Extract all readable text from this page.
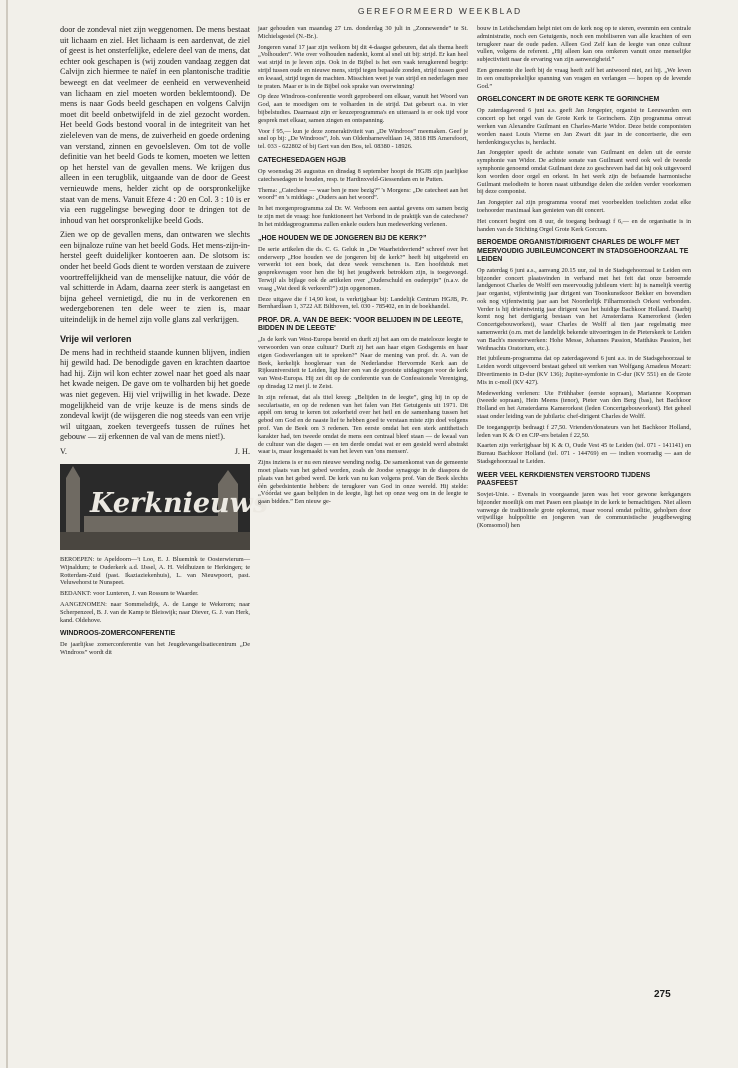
GEREFORMEERD WEEKBLAD

door de zondeval niet zijn weggenomen. De mens bestaat uit lichaam en ziel. Het lichaam is een aardenvat, de ziel of geest is het onsterfelijke, edelere deel van de mens, dat echter ook geschapen is (wij zouden vandaag zeggen dat Calvijn zich hiermee te naïef in een plantonische traditie beweegt en dat veelmeer de eenheid en verwevenheid van lichaam en ziel moeten worden beklemtoond). De mens is naar Gods beeld geschapen en volgens Calvijn moet dit beeld onbetwijfeld in de ziel gezocht worden. Het beeld Gods bestond vooral in de integriteit van het zieleleven van de mens, de zuiverheid en goede ordening van verstand, zinnen en gevoelsleven. Om tot de volle definitie van het beeld Gods te komen, moeten we letten op het herstel van de gevallen mens. We krijgen dus alleen in een terugblik, uitgaande van de door de Geest vernieuwde mens, helder zicht op de oorspronkelijke staat van de mens. Vanuit Efeze 4 : 20 en Col. 3 : 10 is er via een ruggelingse beweging door te dringen tot de inhoud van het oorspronkelijke beeld Gods.

Zien we op de gevallen mens, dan ontwaren we slechts een bijnaloze ruïne van het beeld Gods. Het mens-zijn-in-herstel geeft duidelijker kontoeren aan. De slotsom is: onder het beeld Gods dient te worden verstaan de zuivere voortreffelijkheid van de menselijke natuur, die vóór de val schitterde in Adam, daarna zeer sterk is aangetast en bijna geheel vernietigd, die nu in de verkorenen en wedergeborenen ten dele weer te zien is, maar uiteindelijk in de hemel zijn volle glans zal verkrijgen.

Vrije wil verloren

De mens had in rechtheid staande kunnen blijven, indien hij gewild had. De benodigde gaven en krachten daartoe had hij. Zijn wil kon echter zowel naar het goed als naar het kwade neigen. De gave om te volharden bij het goede was niet gegeven. Hij viel vrijwillig in het kwade. Deze mogelijkheid van de vrije keuze is de mens sinds de zondeval kwijt (de wijsgeren die nog steeds van een vrije wil uitgaan, zoeken tevergeefs tussen de ruïnes het gebouw — zij erkennen de val van de mens niet!).

V.	J. H.
Kerknieuws

BEROEPEN: te Apeldoorn—'t Loo, E. J. Bluemink te Oosterwierum—Wijnaldum; te Ouderkerk a.d. IJssel, A. H. Veldhuizen te Herkingen; te Rotterdam-Zuid (past. Ikaziaziekenhuis), L. van Nieuwpoort, past. Veluwehorst te Nunspeet.

BEDANKT: voor Lunteren, J. van Rossum te Waarder.

AANGENOMEN: naar Sommelsdijk, A. de Lange te Wekerom; naar Scherpenzeel, B. J. van de Kamp te Bleiswijk; naar Diever, G. J. van Herk, kand. Oldehove.

WINDROOS-ZOMERCONFERENTIE

De jaarlijkse zomerconferentie van het Jeugdevangelisatiecentrum „De Windroos” wordt dit

jaar gehouden van maandag 27 t.m. donderdag 30 juli in „Zonnewende” te St. Michielsgestel (N.-Br.).

Jongeren vanaf 17 jaar zijn welkom bij dit 4-daagse gebeuren, dat als thema heeft „Volhouden”. Wie over volhouden nadenkt, komt al snel uit bij: strijd. Er kan heel wat strijd in je leven zijn. Ook in de Bijbel is het een vaak terugkerend begrip: strijd tussen oude en nieuwe mens, strijd tegen bepaalde zonden, strijd tussen goed en kwaad, strijd tegen de machten. Misschien weet je van strijd en nederlagen mee te praten. Maar er is in de Bijbel ook sprake van overwinning!

Op deze Windroos-conferentie wordt geprobeerd om elkaar, vanuit het Woord van God, aan te moedigen om te volharden in de strijd. Dat gebeurt o.a. in vier bijbelstudies. Daarnaast zijn er keuzeprogramma's en uiteraard is er ook tijd voor gesprek met elkaar, samen zingen en ontspanning.

Voor f 95,— kun je deze zomeraktiviteit van „De Windroos” meemaken. Geef je snel op bij: „De Windroos”, Joh. van Oldenbarneveltlaan 14, 3818 HB Amersfoort, tel. 033 - 622802 of bij Gert van den Bos, tel. 08380 - 18926.

CATECHESEDAGEN HGJB

Op woensdag 26 augustus en dinsdag 8 september hoopt de HGJB zijn jaarlijkse catechesedagen te houden, resp. te Hardinxveld-Giessendam en te Putten.

Thema: „Catechese — waar ben je mee bezig?” 's Morgens: „De catecheet aan het woord” en 's middags: „Ouders aan het woord”.

In het morgenprogramma zal Dr. W. Verboom een aantal gevens om samen bezig te zijn met de vraag: hoe funktioneert het Verbond in de praktijk van de catechese? In het middagprogramma zullen enkele ouders hun medewerking verlenen.

„HOE HOUDEN WE DE JONGEREN BIJ DE KERK?”

De serie artikelen die ds. C. G. Geluk in „De Waarheidsvriend” schreef over het onderwerp „Hoe houden we de jongeren bij de kerk?” heeft hij uitgebreid en verwerkt tot een boek, dat deze week verschenen is. Een hoofdstuk met gespreksvragen voor hen die bij het jeugdwerk betrokken zijn, is toegevoegd. Terwijl als bijlage ook de artikelen over „Ouderschuld en ouderpijn” (n.a.v. de vraag „Wat deed ik verkeerd?”) zijn opgenomen.

Deze uitgave die f 14,90 kost, is verkrijgbaar bij: Landelijk Centrum HGJB, Pr. Bernhardlaan 1, 3722 AE Bilthoven, tel. 030 - 785402, en in de boekhandel.

PROF. DR. A. VAN DE BEEK: 'VOOR BELIJDEN IN DE LEEGTE, BIDDEN IN DE LEEGTE'

„Is de kerk van West-Europa bereid en durft zij het aan om de matelooze leegte te verwoorden van onze cultuur? Durft zij het aan haar eigen Godsgemis en haar eigen Godsverlangen uit te spreken?” Naar de mening van prof. dr. A. van de Beek, kerkelijk hoogleraar van de Nederlandse Hervormde Kerk aan de Rijksuniversiteit te Leiden, ligt hier een van de grootste uitdagingen voor de kerk van West-Europa. Hij zei dit op de conferentie van de Confessionele Vereniging, op dinsdag 12 mei jl. te Zeist.

In zijn referaat, dat als titel kreeg: „Belijden in de leegte”, ging hij in op de secularisatie, en op de redenen van het falen van Het Getuigenis uit 1971. Dit appèl om terug te keren tot zekerheid over het heil en de samenhang tussen het gebod om God en de naaste lief te hebben goed te verstaan miste zijn doel volgens prof. Van de Beek om 3 redenen. Ten eerste omdat het een sterk antithetisch karakter had, ten tweede omdat de mens een centraal bleef staan — de kwaal van de cultuur van die dagen — en ten derde omdat wat er een gesteld werd abstrakt waar is, maar losgemaakt is van het leven van 'ons mensen'.

Zijns inziens is er nu een nieuwe wending nodig. De samenkomst van de gemeente moet plaats van het gebed worden, zoals de Joodse synagoge in de diaspora de plaats van het gebed werd. De kerk van nu kan volgens prof. Van de Beek slechts één gebedsintentie hebben: de terugkeer van God in onze wereld. Hij stelde: „Vóórdat we gaan belijden in de leegte, ligt het op onze weg om in de leegte te gaan bidden.” Een nieuw ge-

bouw in Leidschendam helpt niet om de kerk nog op te sieren, evenmin een centrale administratie, noch een Getuigenis, noch een mobiliseren van alle krachten of een terugkeer naar de oude paden. Alleen God Zelf kan de leegte van onze cultuur vullen, volgens de referent. „Hij alleen kan ons omkeren vanuit onze menselijke subjectiviteit naar de ervaring van zijn aanwezigheid.”

Een gemeente die leeft bij de vraag heeft zelf het antwoord niet, zei hij. „We leven in een onuitsprekelijke spanning van vragen en verlangen — hopen op de levende God.”

ORGELCONCERT IN DE GROTE KERK TE GORINCHEM

Op zaterdagavond 6 juni a.s. geeft Jan Jongepier, organist te Leeuwarden een concert op het orgel van de Grote Kerk te Gorinchem. Zijn programma omvat werken van Alexandre Guilmant en Charles-Marie Widor. Deze beide componisten worden naast Louis Vierne en Jan Zwart dit jaar in de concertserie, die een herdenkingscyclus is, herdacht.

Jan Jongepier speelt de achtste sonate van Guilmant en delen uit de eerste symphonie van Widor. De achtste sonate van Guilmant werd ook wel de tweede symphonie genoemd omdat Guilmant deze zo geschreven had dat hij ook uitgevoerd kon worden door orgel en orkest. In het werk zijn de befaamde harmonische Guilmant melodieën te horen naast uitbundige delen die zelden verder voorkomen bij deze componist.

Jan Jongepier zal zijn programma vooraf met voorbeelden toelichten zodat elke toehoorder maximaal kan genieten van dit concert.

Het concert begint om 8 uur, de toegang bedraagt f 6,— en de organisatie is in handen van de Stichting Orgel Grote Kerk Gorcum.

BEROEMDE ORGANIST/DIRIGENT CHARLES DE WOLFF MET MEERVOUDIG JUBILEUMCONCERT IN STADSGEHOORZAAL TE LEIDEN

Op zaterdag 6 juni a.s., aanvang 20.15 uur, zal in de Stadsgehoorzaal te Leiden een bijzonder concert plaatsvinden in verband met het feit dat onze beroemde landgenoot Charles de Wolff een meervoudig jubileum viert: hij is namelijk veertig jaar organist, vijfentwintig jaar dirigent van Toonkunstkoor Bekker en bovendien ook nog vijfentwintig jaar aan het Noorderlijk Filharmonisch Orkest verbonden. Verder is hij drieëntwintig jaar dirigent van het huidige Bachkoor Holland. Daarbij komt nog het dertigjarig bestaan van het Amsterdams Kamerorkest (leden Concertgebouworkest), waar Charles de Wolff al tien jaar regelmatig mee samenwerkt (o.m. met de landelijk bekende uitvoeringen in de Pieterskerk te Leiden van Bach's meesterwerken: Hohe Messe, Johannes Passion, Matthäus Passion, het Weihnachts Oratorium, etc.).

Het jubileum-programma dat op zaterdagavond 6 juni a.s. in de Stadsgehoorzaal te Leiden wordt uitgevoerd bestaat geheel uit werken van Wolfgang Amadeus Mozart: Divertimento in D-dur (KV 136); Jupiter-symfonie in C-dur (KV 551) en de Grote Mis in c-moll (KV 427).

Medewerking verlenen: Ute Frühhaber (eerste sopraan), Marianne Koopman (tweede sopraan), Hein Meens (tenor), Pieter van den Berg (bas), het Bachkoor Holland en het Amsterdams Kamerorkest (leden Concertgebouworkest). Het geheel staat onder leiding van de jubilaris: chef-dirigent Charles de Wolff.

De toegangsprijs bedraagt f 27,50. Vrienden/donateurs van het Bachkoor Holland, leden van K & O en CJP-ers betalen f 22,50.

Kaarten zijn verkrijgbaar bij K & O, Oude Vest 45 te Leiden (tel. 071 - 141141) en Bureau Bachkoor Holland (tel. 071 - 144769) en — indien voorradig — aan de Stadsgehoorzaal te Leiden.

WEER VEEL KERKDIENSTEN VERSTOORD TIJDENS PAASFEEST

Sovjet-Unie. - Evenals in voorgaande jaren was het voor gewone kerkgangers bijzonder moeilijk om met Pasen een plaatsje in de kerk te bemachtigen. Niet alleen vanwege de traditionele grote opkomst, maar vooral omdat politie, geholpen door vrijwillige hulppolitie en jongeren van de communistische jeugdbeweging (Komsomol) hen

275
